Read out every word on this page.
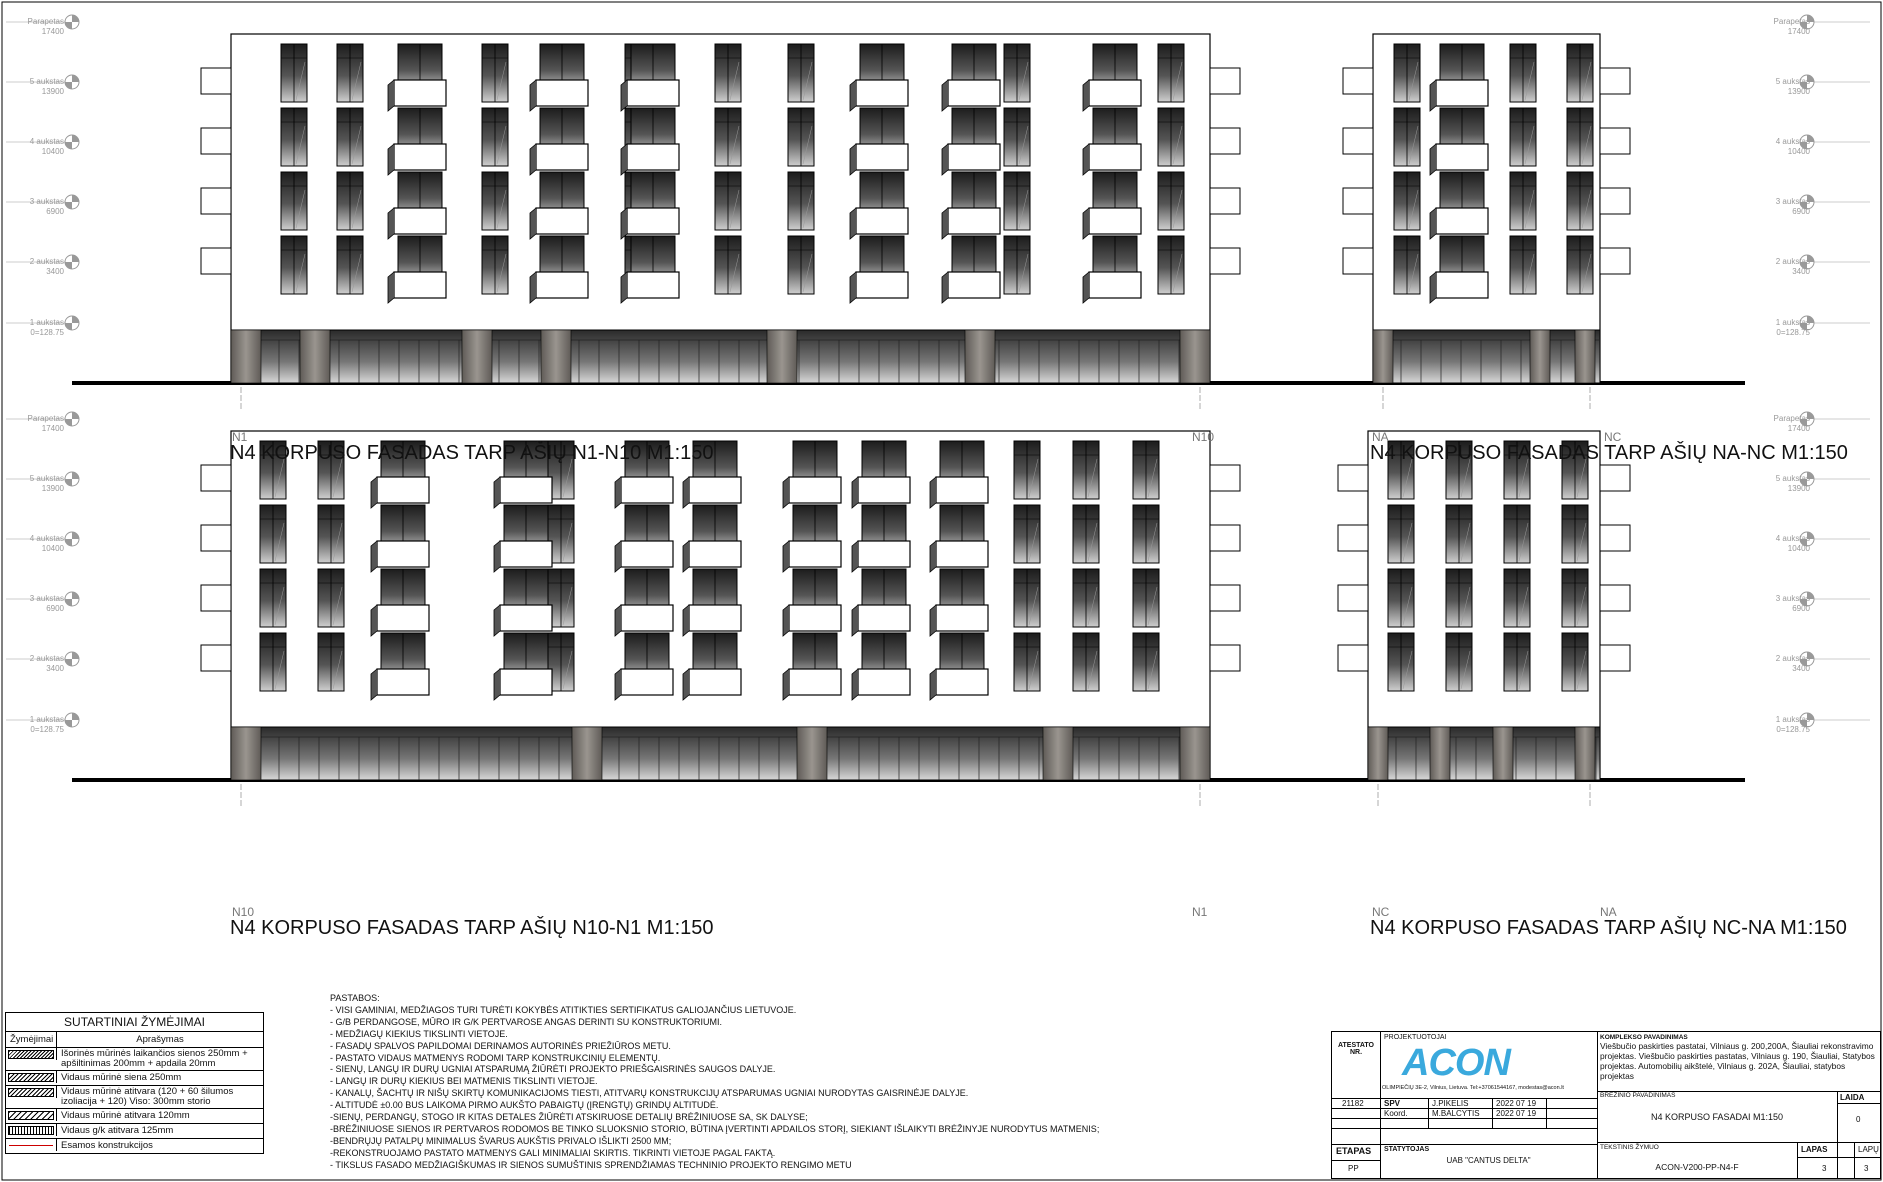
Parapetas
17400
5 aukstas
13900
4 aukstas
10400
3 aukstas
6900
2 aukstas
3400
1 aukstas
0=128.75
Parapetas
17400
5 aukstas
13900
4 aukstas
10400
3 aukstas
6900
2 aukstas
3400
1 aukstas
0=128.75
Parapetas
17400
5 aukstas
13900
4 aukstas
10400
3 aukstas
6900
2 aukstas
3400
1 aukstas
0=128.75
Parapetas
17400
5 aukstas
13900
4 aukstas
10400
3 aukstas
6900
2 aukstas
3400
1 aukstas
0=128.75
N4 KORPUSO FASADAS TARP AŠIŲ N1-N10 M1:150
N1	N10
N4 KORPUSO FASADAS TARP AŠIŲ NA-NC M1:150
NA	NC
N4 KORPUSO FASADAS TARP AŠIŲ N10-N1 M1:150
N10	N1
N4 KORPUSO FASADAS TARP AŠIŲ NC-NA M1:150
NC	NA
SUTARTINIAI ŽYMĖJIMAI
Žymėjimai	Aprašymas
Išorinės mūrinės laikančios sienos 250mm + apšiltinimas 200mm + apdaila 20mm
Vidaus mūrinė siena 250mm
Vidaus mūrinė atitvara (120 + 60 šilumos izoliacija + 120) Viso: 300mm storio
Vidaus mūrinė atitvara 120mm
Vidaus g/k atitvara 125mm
Esamos konstrukcijos
PASTABOS:
- VISI GAMINIAI, MEDŽIAGOS TURI TURĖTI KOKYBĖS ATITIKTIES SERTIFIKATUS GALIOJANČIUS LIETUVOJE.
- G/B PERDANGOSE, MŪRO IR G/K PERTVAROSE ANGAS DERINTI SU KONSTRUKTORIUMI.
- MEDŽIAGŲ KIEKIUS TIKSLINTI VIETOJE.
- FASADŲ SPALVOS PAPILDOMAI DERINAMOS AUTORINĖS PRIEŽIŪROS METU.
- PASTATO VIDAUS MATMENYS RODOMI TARP KONSTRUKCINIŲ ELEMENTŲ.
- SIENŲ, LANGŲ IR DURŲ UGNIAI ATSPARUMĄ ŽIŪRĖTI PROJEKTO PRIEŠGAISRINĖS SAUGOS DALYJE.
- LANGŲ IR DURŲ KIEKIUS BEI MATMENIS TIKSLINTI VIETOJE.
- KANALŲ, ŠACHTŲ IR NIŠŲ SKIRTŲ KOMUNIKACIJOMS TIESTI, ATITVARŲ KONSTRUKCIJŲ ATSPARUMAS UGNIAI NURODYTAS GAISRINĖJE DALYJE.
- ALTITUDĖ ±0.00 BUS LAIKOMA PIRMO AUKŠTO PABAIGTŲ (ĮRENGTŲ) GRINDŲ ALTITUDĖ.
-SIENŲ, PERDANGŲ, STOGO IR KITAS DETALES ŽIŪRĖTI ATSKIRUOSE DETALIŲ BRĖŽINIUOSE SA, SK DALYSE;
-BRĖŽINIUOSE SIENOS IR PERTVAROS RODOMOS BE TINKO SLUOKSNIO STORIO, BŪTINA ĮVERTINTI APDAILOS STORĮ, SIEKIANT IŠLAIKYTI BRĖŽINYJE NURODYTUS MATMENIS;
-BENDRŲJŲ PATALPŲ MINIMALUS ŠVARUS AUKŠTIS PRIVALO IŠLIKTI 2500 MM;
-REKONSTRUOJAMO PASTATO MATMENYS GALI MINIMALIAI SKIRTIS. TIKRINTI VIETOJE PAGAL FAKTĄ.
- TIKSLUS FASADO MEDŽIAGIŠKUMAS IR SIENOS SUMUŠTINIS SPRENDŽIAMAS TECHNINIO PROJEKTO RENGIMO METU
ATESTATO NR.
PROJEKTUOTOJAI
ACON
OLIMPIEČIŲ 3E-2, Vilnius, Lietuva. Tel:+37061544167, modestas@acon.lt
21182	SPV	J.PIKELIS	2022 07 19
Koord.	M.BALCYTIS 2022 07 19
ETAPAS
PP
STATYTOJAS
UAB "CANTUS DELTA"
KOMPLEKSO PAVADINIMAS
Viešbučio paskirties pastatai, Vilniaus g. 200,200A, Šiauliai rekonstravimo projektas. Viešbučio paskirties pastatas, Vilniaus g. 190, Šiauliai, Statybos projektas. Automobilių aikštelė, Vilniaus g. 202A, Šiauliai, statybos projektas
BRĖŽINIO PAVADINIMAS
N4 KORPUSO FASADAI M1:150
LAIDA
0
TEKSTINIS ŽYMUO
ACON-V200-PP-N4-F
LAPAS	LAPŲ
3	3
